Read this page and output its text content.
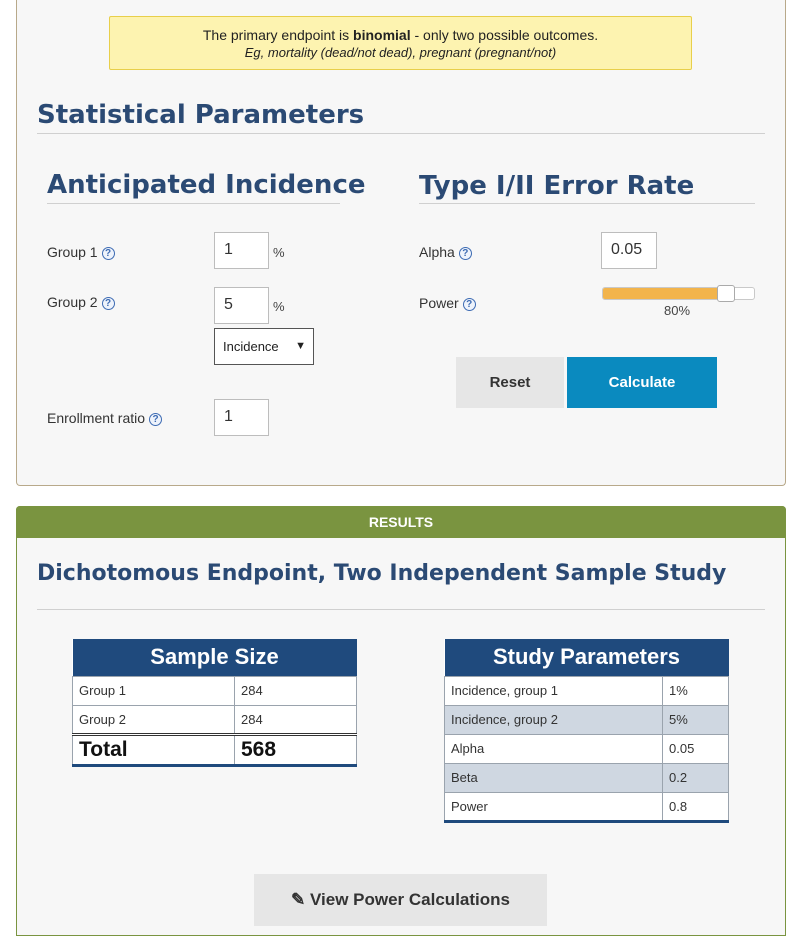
The primary endpoint is binomial - only two possible outcomes.
Eg, mortality (dead/not dead), pregnant (pregnant/not)
Statistical Parameters
Anticipated Incidence Type I/II Error Rate
Group 1 ?	1	%
Group 2 ?	5	%
Incidence ▼
Enrollment ratio ?	1
Alpha ?	0.05
Power ?	80%
Reset	Calculate
RESULTS
Dichotomous Endpoint, Two Independent Sample Study
Sample Size	
Group 1	284
Group 2	284
Total	568
Study Parameters	
Incidence, group 1	1%
Incidence, group 2	5%
Alpha	0.05
Beta	0.2
Power	0.8
✎ View Power Calculations
